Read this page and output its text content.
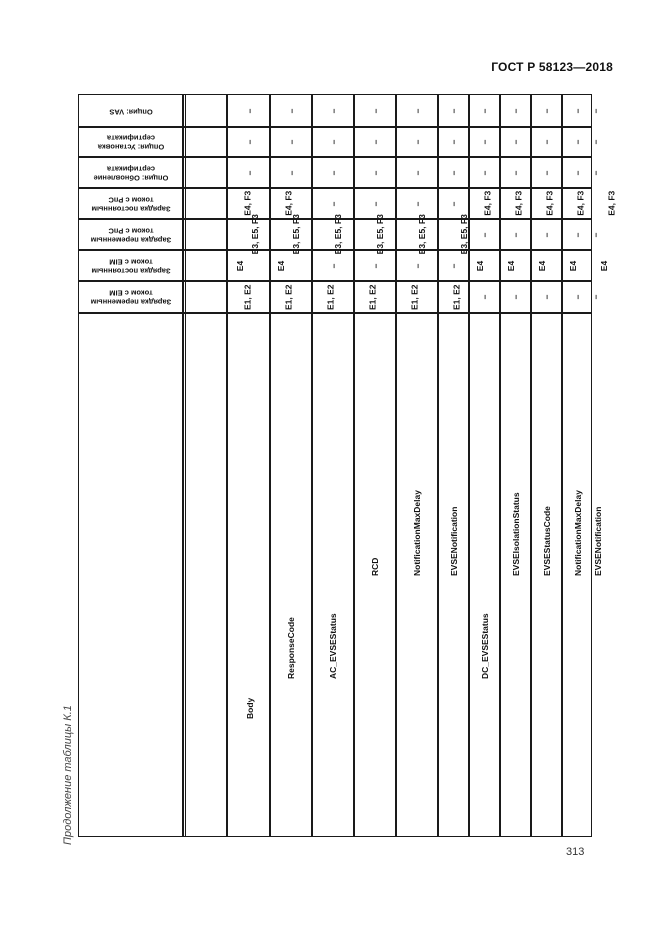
ГОСТ Р 58123—2018
Продолжение таблицы К.1
313
Опция: VAS
Опция: Установка сертификата
Опция: Обновление сертификата
Зарядка постоянным током с РпС
Зарядка переменным током с РпС
Зарядка постоянным током с EIM
Зарядка переменным током с EIM
–
–
–
E4, F3
E3, E5, F3
E4
E1, E2
Body
–
–
–
E4, F3
E3, E5, F3
E4
E1, E2
ResponseCode
–
–
–
–
E3, E5, F3
–
E1, E2
AC_EVSEStatus
–
–
–
–
E3, E5, F3
–
E1, E2
RCD
–
–
–
–
E3, E5, F3
–
E1, E2
NotificationMaxDelay
–
–
–
–
E3, E5, F3
–
E1, E2
EVSENotification
–
–
–
E4, F3
–
E4
–
DC_EVSEStatus
–
–
–
E4, F3
–
E4
–
EVSEIsolationStatus
–
–
–
E4, F3
–
E4
–
EVSEStatusCode
–
–
–
E4, F3
–
E4
–
NotificationMaxDelay
–
–
–
E4, F3
–
E4
–
EVSENotification
